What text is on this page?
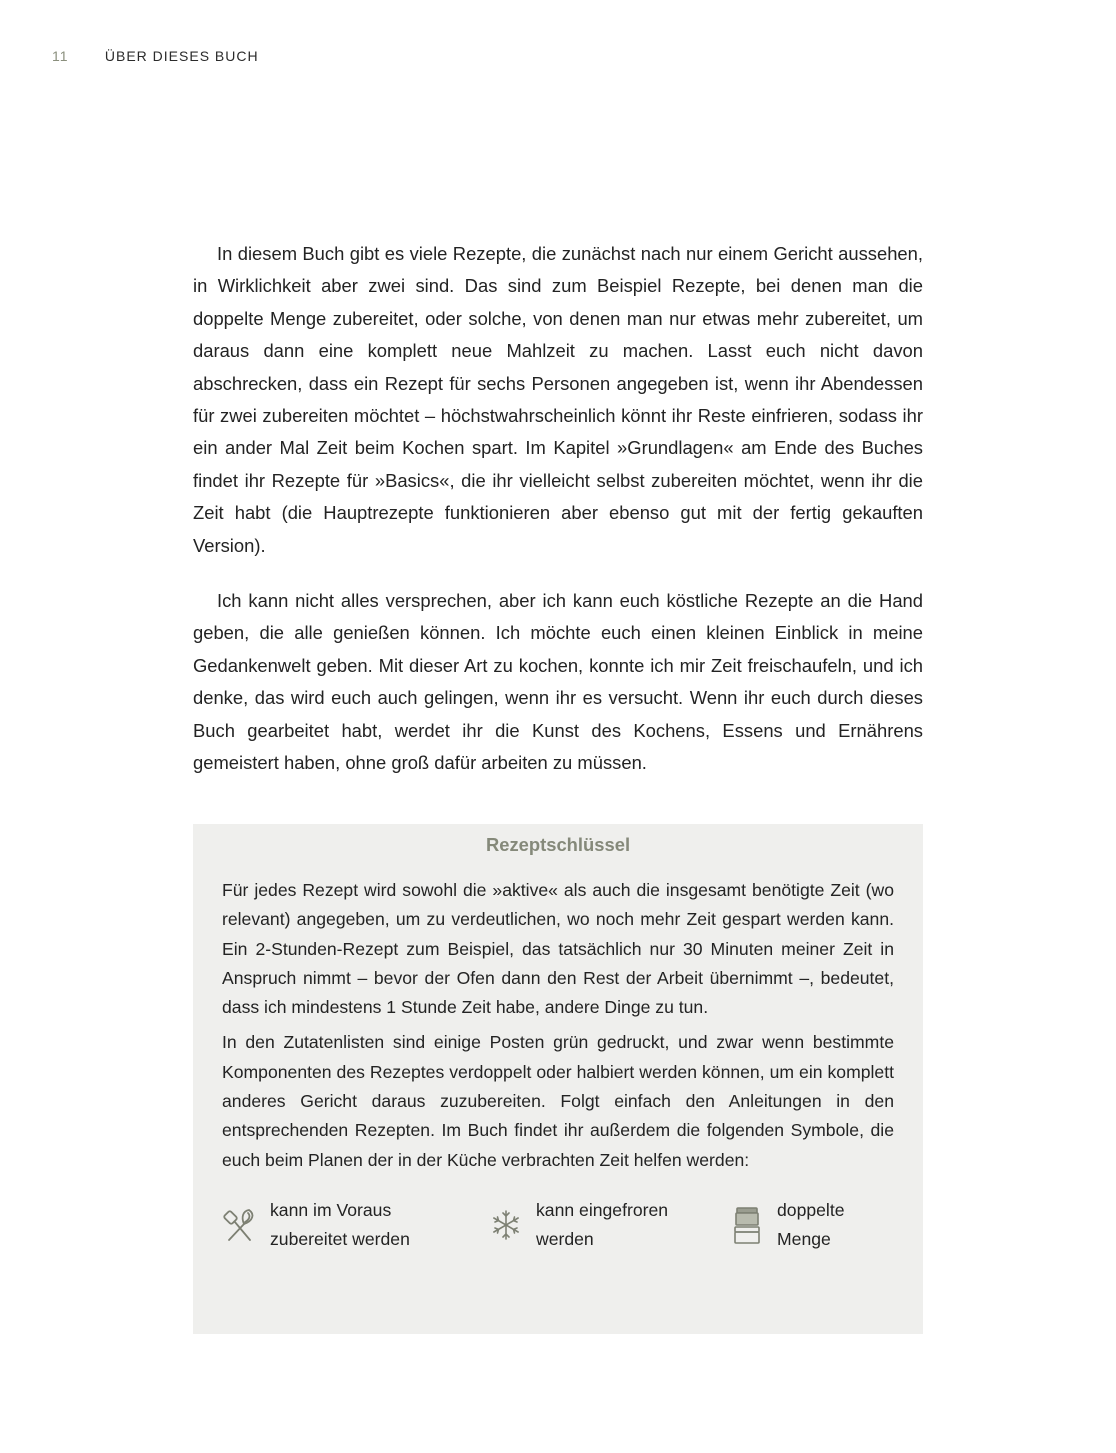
11	ÜBER DIESES BUCH

In diesem Buch gibt es viele Rezepte, die zunächst nach nur einem Gericht aussehen, in Wirklichkeit aber zwei sind. Das sind zum Beispiel Rezepte, bei denen man die doppelte Menge zubereitet, oder solche, von denen man nur etwas mehr zubereitet, um daraus dann eine komplett neue Mahlzeit zu machen. Lasst euch nicht davon abschrecken, dass ein Rezept für sechs Personen angegeben ist, wenn ihr Abendessen für zwei zubereiten möchtet – höchstwahrscheinlich könnt ihr Reste einfrieren, sodass ihr ein ander Mal Zeit beim Kochen spart. Im Kapitel »Grundlagen« am Ende des Buches findet ihr Rezepte für »Basics«, die ihr vielleicht selbst zubereiten möchtet, wenn ihr die Zeit habt (die Hauptrezepte funktionieren aber ebenso gut mit der fertig gekauften Version).

Ich kann nicht alles versprechen, aber ich kann euch köstliche Rezepte an die Hand geben, die alle genießen können. Ich möchte euch einen kleinen Einblick in meine Gedankenwelt geben. Mit dieser Art zu kochen, konnte ich mir Zeit freischaufeln, und ich denke, das wird euch auch gelingen, wenn ihr es versucht. Wenn ihr euch durch dieses Buch gearbeitet habt, werdet ihr die Kunst des Kochens, Essens und Ernährens gemeistert haben, ohne groß dafür arbeiten zu müssen.

Rezeptschlüssel

Für jedes Rezept wird sowohl die »aktive« als auch die insgesamt benötigte Zeit (wo relevant) angegeben, um zu verdeutlichen, wo noch mehr Zeit gespart werden kann. Ein 2-Stunden-Rezept zum Beispiel, das tatsächlich nur 30 Minuten meiner Zeit in Anspruch nimmt – bevor der Ofen dann den Rest der Arbeit übernimmt –, bedeutet, dass ich mindestens 1 Stunde Zeit habe, andere Dinge zu tun.

In den Zutatenlisten sind einige Posten grün gedruckt, und zwar wenn bestimmte Komponenten des Rezeptes verdoppelt oder halbiert werden können, um ein komplett anderes Gericht daraus zuzubereiten. Folgt einfach den Anleitungen in den entsprechenden Rezepten. Im Buch findet ihr außerdem die folgenden Symbole, die euch beim Planen der in der Küche verbrachten Zeit helfen werden:

kann im Voraus
zubereitet werden
kann eingefroren
werden
doppelte
Menge
